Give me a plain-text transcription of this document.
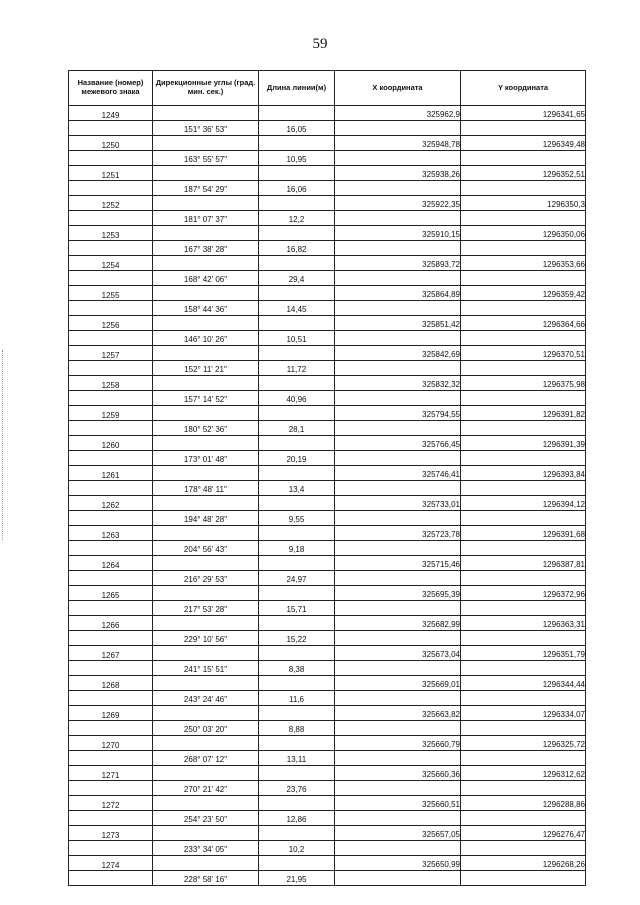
59
Название (номер) межевого знака	Дирекционные углы (град. мин. сек.)	Длина линии(м)	X координата	Y координата
1249			325962,9	1296341,65
	151° 36' 53"	16,05		
1250			325948,78	1296349,48
	163° 55' 57"	10,95		
1251			325938,26	1296352,51
	187° 54' 29"	16,06		
1252			325922,35	1296350,3
	181° 07' 37"	12,2		
1253			325910,15	1296350,06
	167° 38' 28"	16,82		
1254			325893,72	1296353,66
	168° 42' 06"	29,4		
1255			325864,89	1296359,42
	158° 44' 36"	14,45		
1256			325851,42	1296364,66
	146° 10' 26"	10,51		
1257			325842,69	1296370,51
	152° 11' 21"	11,72		
1258			325832,32	1296375,98
	157° 14' 52"	40,96		
1259			325794,55	1296391,82
	180° 52' 36"	28,1		
1260			325766,45	1296391,39
	173° 01' 48"	20,19		
1261			325746,41	1296393,84
	178° 48' 11"	13,4		
1262			325733,01	1296394,12
	194° 48' 28"	9,55		
1263			325723,78	1296391,68
	204° 56' 43"	9,18		
1264			325715,46	1296387,81
	216° 29' 53"	24,97		
1265			325695,39	1296372,96
	217° 53' 28"	15,71		
1266			325682,99	1296363,31
	229° 10' 56"	15,22		
1267			325673,04	1296351,79
	241° 15' 51"	8,38		
1268			325669,01	1296344,44
	243° 24' 46"	11,6		
1269			325663,82	1296334,07
	250° 03' 20"	8,88		
1270			325660,79	1296325,72
	268° 07' 12"	13,11		
1271			325660,36	1296312,62
	270° 21' 42"	23,76		
1272			325660,51	1296288,86
	254° 23' 50"	12,86		
1273			325657,05	1296276,47
	233° 34' 05"	10,2		
1274			325650,99	1296268,26
	228° 58' 16"	21,95		
